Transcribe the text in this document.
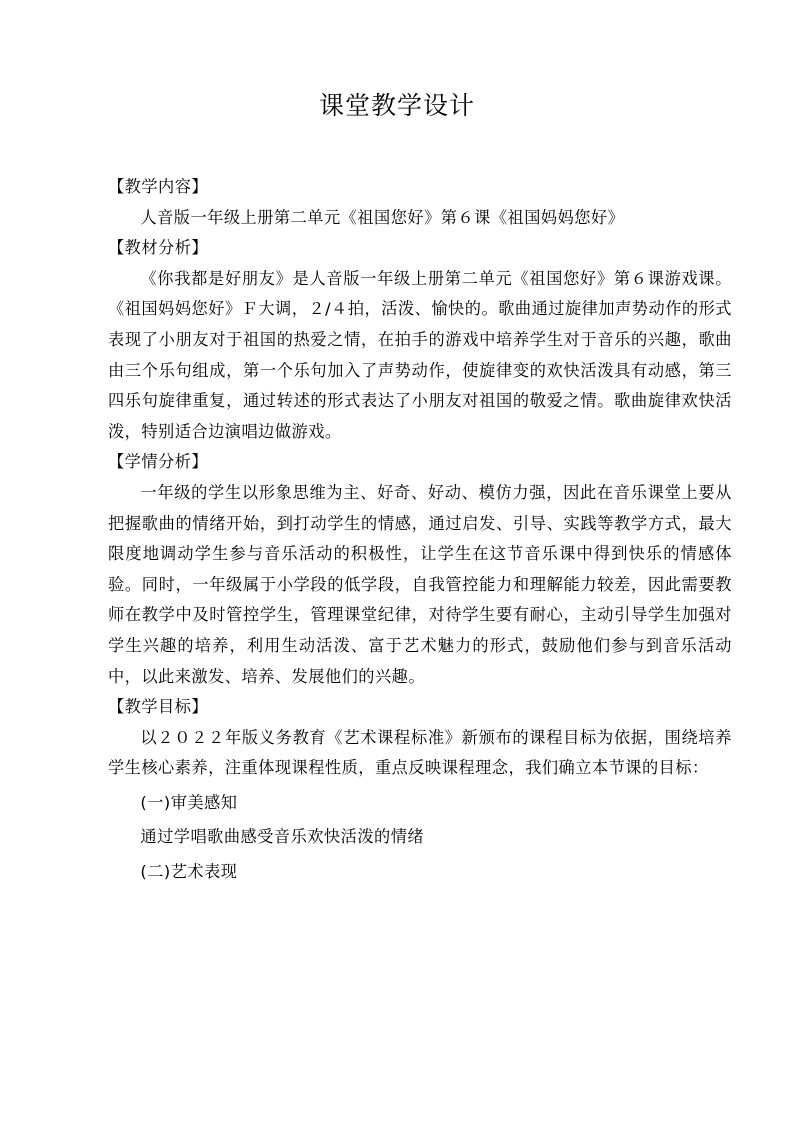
课堂教学设计

【教学内容】

人音版一年级上册第二单元《祖国您好》第６课《祖国妈妈您好》

【教材分析】

《你我都是好朋友》是人音版一年级上册第二单元《祖国您好》第６课游戏课。《祖国妈妈您好》Ｆ大调，２/４拍，活泼、愉快的。歌曲通过旋律加声势动作的形式表现了小朋友对于祖国的热爱之情，在拍手的游戏中培养学生对于音乐的兴趣，歌曲由三个乐句组成，第一个乐句加入了声势动作，使旋律变的欢快活泼具有动感，第三四乐句旋律重复，通过转述的形式表达了小朋友对祖国的敬爱之情。歌曲旋律欢快活泼，特别适合边演唱边做游戏。

【学情分析】

一年级的学生以形象思维为主、好奇、好动、模仿力强，因此在音乐课堂上要从把握歌曲的情绪开始，到打动学生的情感，通过启发、引导、实践等教学方式，最大限度地调动学生参与音乐活动的积极性，让学生在这节音乐课中得到快乐的情感体验。同时，一年级属于小学段的低学段，自我管控能力和理解能力较差，因此需要教师在教学中及时管控学生，管理课堂纪律，对待学生要有耐心，主动引导学生加强对学生兴趣的培养，利用生动活泼、富于艺术魅力的形式，鼓励他们参与到音乐活动中，以此来激发、培养、发展他们的兴趣。

【教学目标】

以２０２２年版义务教育《艺术课程标准》新颁布的课程目标为依据，围绕培养学生核心素养，注重体现课程性质，重点反映课程理念，我们确立本节课的目标：

(一)审美感知

通过学唱歌曲感受音乐欢快活泼的情绪

(二)艺术表现
